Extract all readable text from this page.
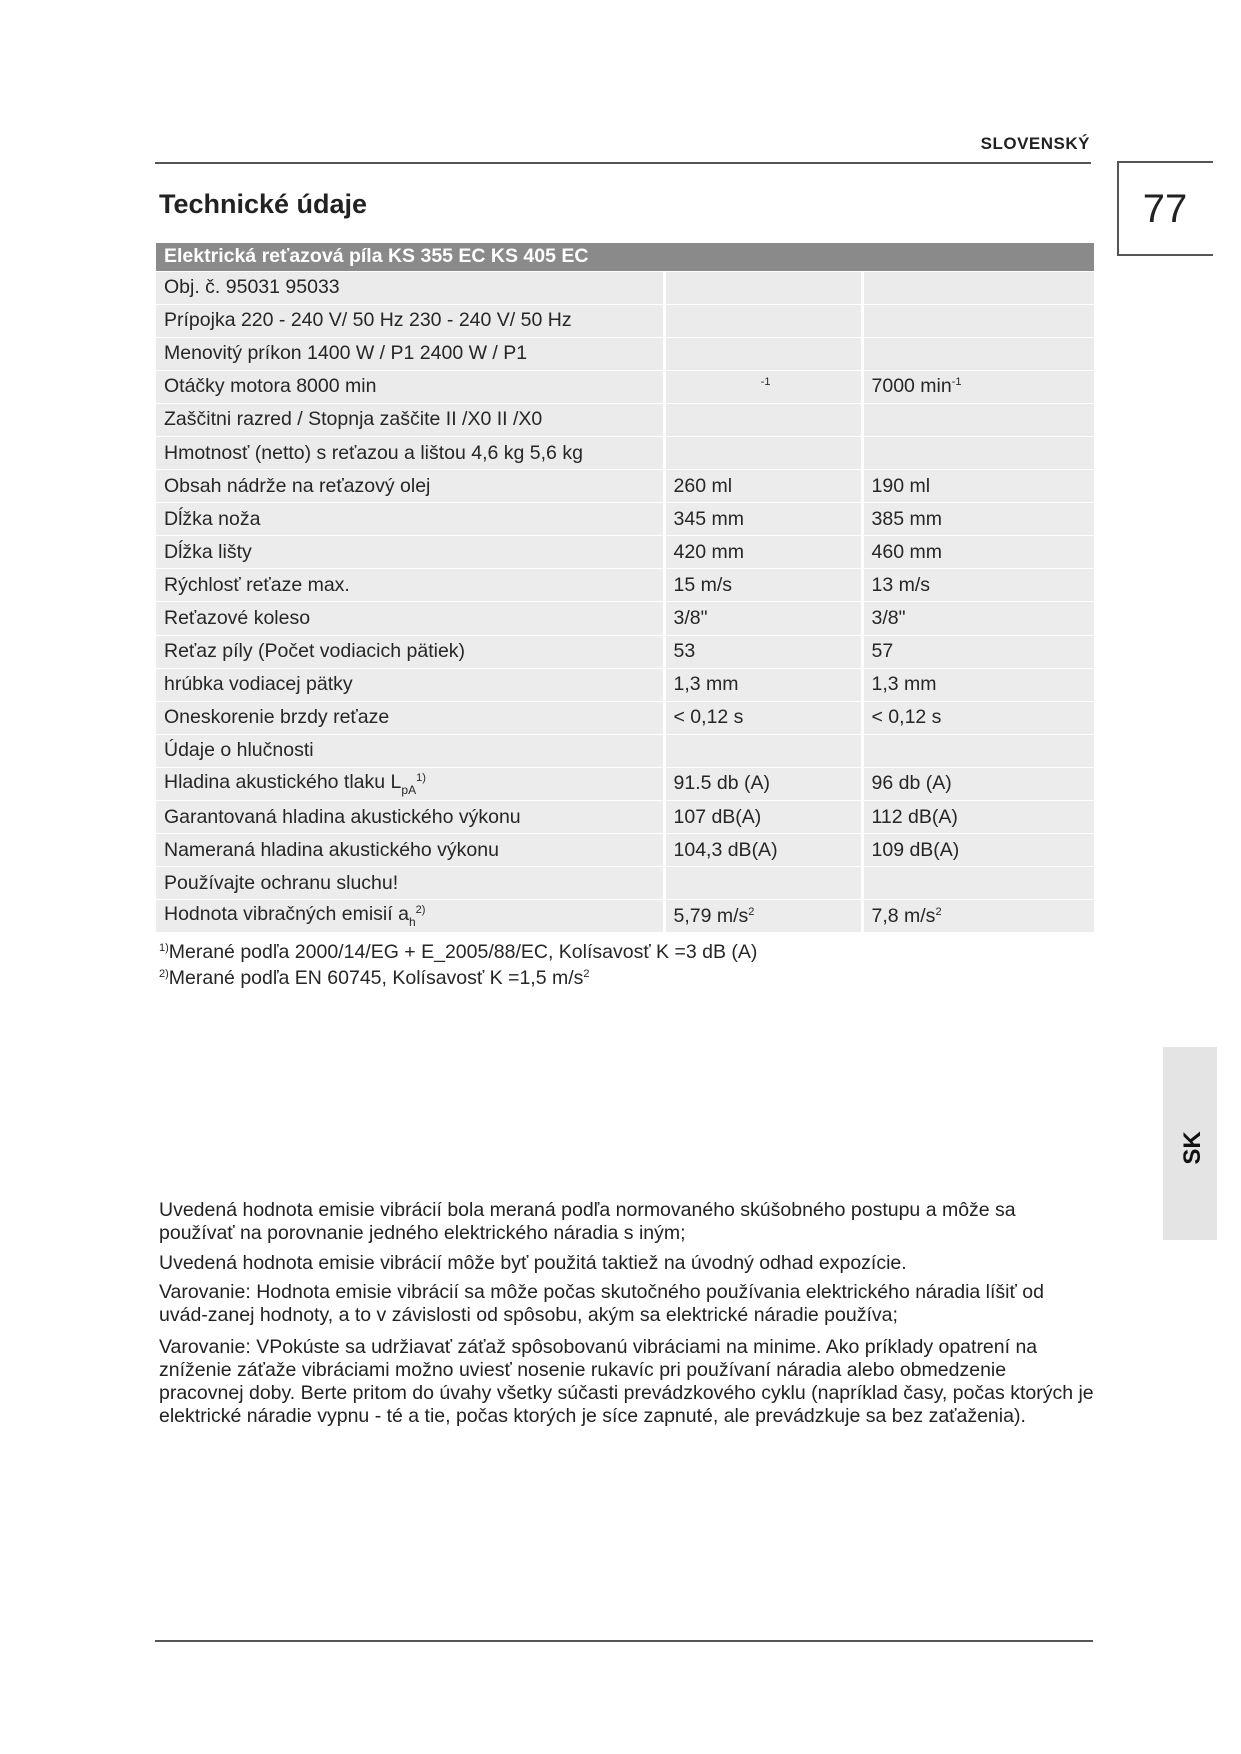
SLOVENSKÝ
77
Technické údaje
Elektrická reťazová píla KS 355 EC KS 405 EC		
Obj. č. 95031 95033		
Prípojka 220 - 240 V/ 50 Hz 230 - 240 V/ 50 Hz		
Menovitý príkon 1400 W / P1 2400 W / P1		
Otáčky motora 8000 min	$^{-1}$	7000 $\min^{-1}$
Zaščitni razred / Stopnja zaščite II /X0 II /X0		
Hmotnosť (netto) s reťazou a lištou 4,6 kg 5,6 kg		
Obsah nádrže na reťazový olej	260 ml	190 ml
Dĺžka noža	345 mm	385 mm
Dĺžka lišty	420 mm	460 mm
Rýchlosť reťaze max.	15 m/s	13 m/s
Reťazové koleso	3/8"	3/8"
Reťaz píly (Počet vodiacich pätiek)	53	57
hrúbka vodiacej pätky	1,3 mm	1,3 mm
Oneskorenie brzdy reťaze	< 0,12 s	< 0,12 s
Údaje o hlučnosti		
Hladina akustického tlaku $L_{pA}^{1)}$	91.5 db (A)	96 db (A)
Garantovaná hladina akustického výkonu	107 dB(A)	112 dB(A)
Nameraná hladina akustického výkonu	104,3 dB(A)	109 dB(A)
Používajte ochranu sluchu!		
Hodnota vibračných emisií $a_h^{2)}$	5,79 $m/s^2$	7,8 $m/s^2$
$^{1)}$Merané podľa 2000/14/EG + E_2005/88/EC, Kolísavosť K =3 dB (A)
$^{2)}$Merané podľa EN 60745, Kolísavosť K =1,5 $m/s^2$
SK
Uvedená hodnota emisie vibrácií bola meraná podľa normovaného skúšobného postupu a môže sa používať na porovnanie jedného elektrického náradia s iným;
Uvedená hodnota emisie vibrácií môže byť použitá taktiež na úvodný odhad expozície.
Varovanie: Hodnota emisie vibrácií sa môže počas skutočného používania elektrického náradia líšiť od uvád-zanej hodnoty, a to v závislosti od spôsobu, akým sa elektrické náradie používa;
Varovanie: VPokúste sa udržiavať záťaž spôsobovanú vibráciami na minime. Ako príklady opatrení na zníženie záťaže vibráciami možno uviesť nosenie rukavíc pri používaní náradia alebo obmedzenie pracovnej doby. Berte pritom do úvahy všetky súčasti prevádzkového cyklu (napríklad časy, počas ktorých je elektrické náradie vypnu - té a tie, počas ktorých je síce zapnuté, ale prevádzkuje sa bez zaťaženia).
